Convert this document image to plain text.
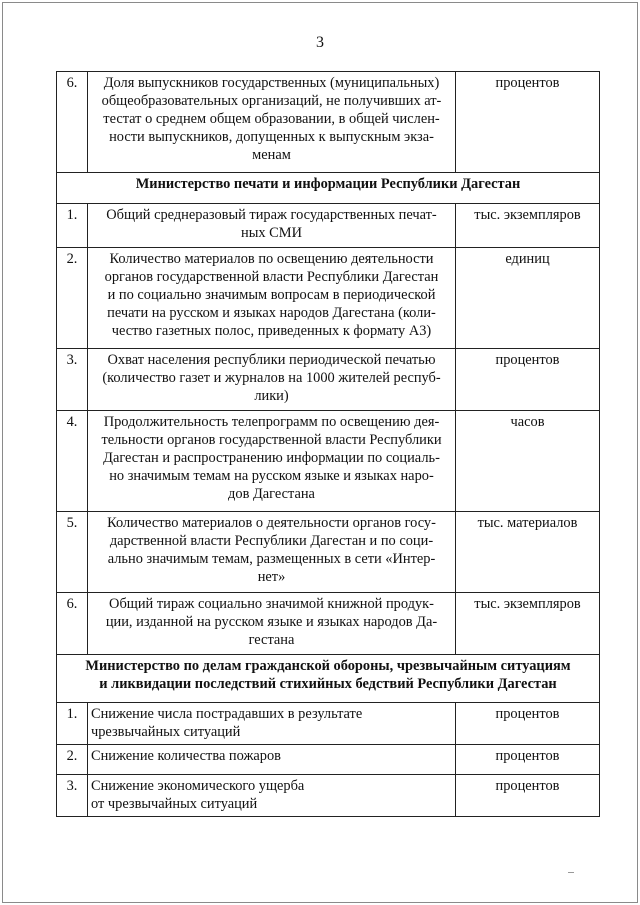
3
6.	Доля выпускников государственных (муниципальных)
общеобразовательных организаций, не получивших ат-
тестат о среднем общем образовании, в общей числен-
ности выпускников, допущенных к выпускным экза-
менам	процентов
Министерство печати и информации Республики Дагестан		
1.	Общий среднеразовый тираж государственных печат-
ных СМИ	тыс. экземпляров
2.	Количество материалов по освещению деятельности
органов государственной власти Республики Дагестан
и по социально значимым вопросам в периодической
печати на русском и языках народов Дагестана (коли-
чество газетных полос, приведенных к формату А3)	единиц
3.	Охват населения республики периодической печатью
(количество газет и журналов на 1000 жителей респуб-
лики)	процентов
4.	Продолжительность телепрограмм по освещению дея-
тельности органов государственной власти Республики
Дагестан и распространению информации по социаль-
но значимым темам на русском языке и языках наро-
дов Дагестана	часов
5.	Количество материалов о деятельности органов госу-
дарственной власти Республики Дагестан и по соци-
ально значимым темам, размещенных в сети «Интер-
нет»	тыс. материалов
6.	Общий тираж социально значимой книжной продук-
ции, изданной на русском языке и языках народов Да-
гестана	тыс. экземпляров

Министерство по делам гражданской обороны, чрезвычайным ситуациям
и ликвидации последствий стихийных бедствий Республики Дагестан		

1.	Снижение числа пострадавших в результате
чрезвычайных ситуаций	процентов
2.	Снижение количества пожаров	процентов
3.	Снижение экономического ущерба
от чрезвычайных ситуаций	процентов
